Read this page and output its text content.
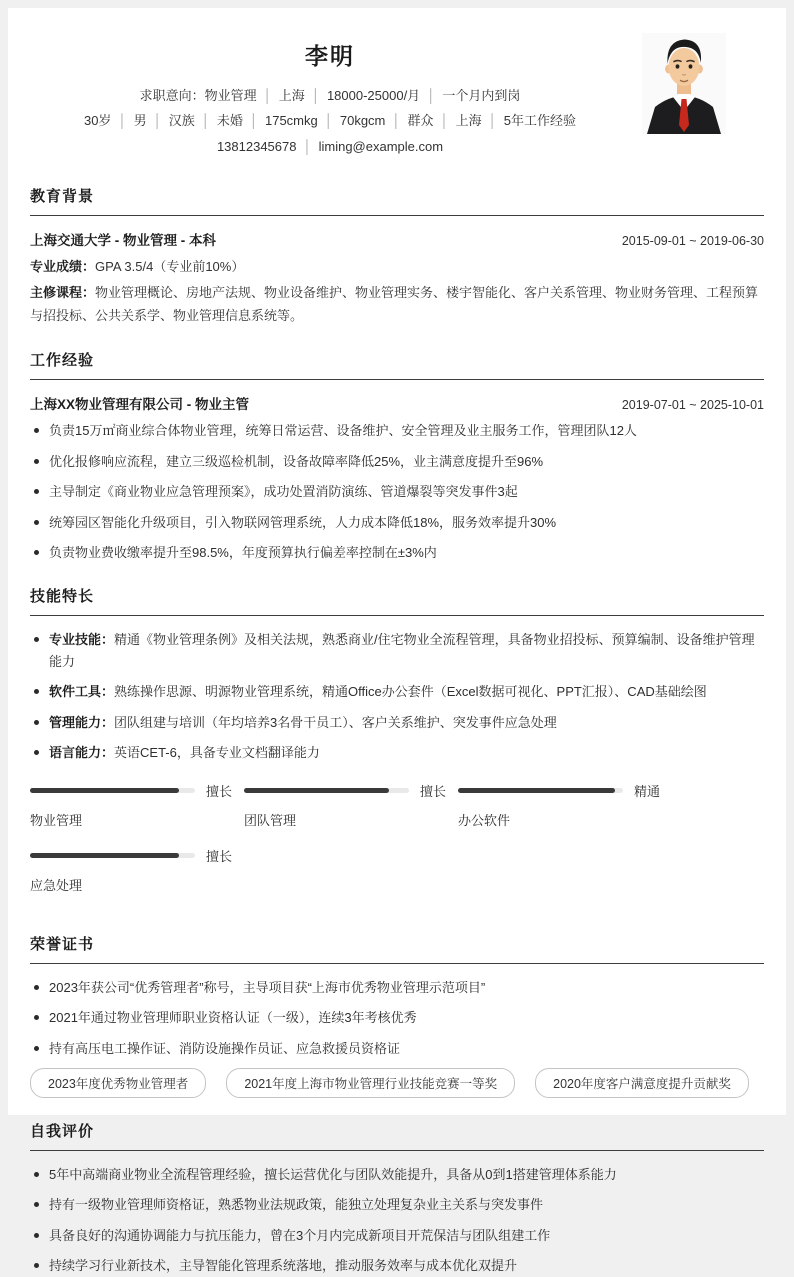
李明
求职意向：物业管理 │ 上海 │ 18000-25000/月 │ 一个月内到岗
30岁 │ 男 │ 汉族 │ 未婚 │ 175cmkg │ 70kgcm │ 群众 │ 上海 │ 5年工作经验
13812345678 │ liming@example.com
教育背景
上海交通大学 - 物业管理 - 本科	2015-09-01 ~ 2019-06-30
专业成绩：GPA 3.5/4（专业前10%）
主修课程：物业管理概论、房地产法规、物业设备维护、物业管理实务、楼宇智能化、客户关系管理、物业财务管理、工程预算与招投标、公共关系学、物业管理信息系统等。
工作经验
上海XX物业管理有限公司 - 物业主管	2019-07-01 ~ 2025-10-01
负责15万㎡商业综合体物业管理，统筹日常运营、设备维护、安全管理及业主服务工作，管理团队12人
优化报修响应流程，建立三级巡检机制，设备故障率降低25%，业主满意度提升至96%
主导制定《商业物业应急管理预案》，成功处置消防演练、管道爆裂等突发事件3起
统筹园区智能化升级项目，引入物联网管理系统，人力成本降低18%，服务效率提升30%
负责物业费收缴率提升至98.5%，年度预算执行偏差率控制在±3%内
技能特长
专业技能：精通《物业管理条例》及相关法规，熟悉商业/住宅物业全流程管理，具备物业招投标、预算编制、设备维护管理能力
软件工具：熟练操作思源、明源物业管理系统，精通Office办公套件（Excel数据可视化、PPT汇报）、CAD基础绘图
管理能力：团队组建与培训（年均培养3名骨干员工）、客户关系维护、突发事件应急处理
语言能力：英语CET-6，具备专业文档翻译能力
擅长
物业管理
擅长
团队管理
精通
办公软件
擅长
应急处理
荣誉证书
2023年获公司“优秀管理者”称号，主导项目获“上海市优秀物业管理示范项目”
2021年通过物业管理师职业资格认证（一级），连续3年考核优秀
持有高压电工操作证、消防设施操作员证、应急救援员资格证
2023年度优秀物业管理者	2021年度上海市物业管理行业技能竞赛一等奖	2020年度客户满意度提升贡献奖
自我评价
5年中高端商业物业全流程管理经验，擅长运营优化与团队效能提升，具备从0到1搭建管理体系能力
持有一级物业管理师资格证，熟悉物业法规政策，能独立处理复杂业主关系与突发事件
具备良好的沟通协调能力与抗压能力，曾在3个月内完成新项目开荒保洁与团队组建工作
持续学习行业新技术，主导智能化管理系统落地，推动服务效率与成本优化双提升
